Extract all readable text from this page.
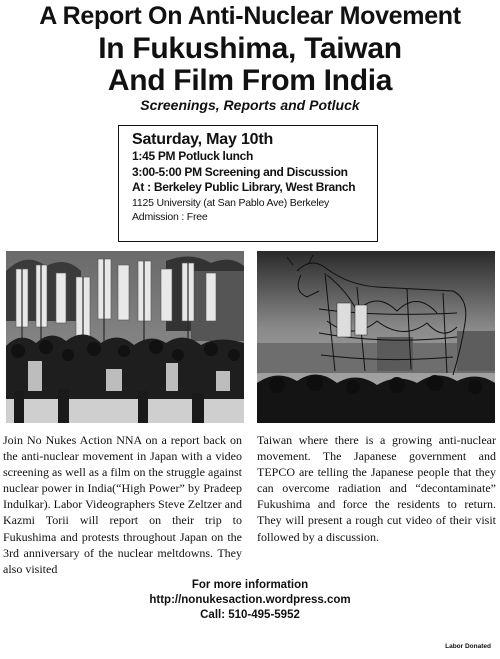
A Report On Anti-Nuclear Movement
In Fukushima, Taiwan
And Film From India
Screenings, Reports and Potluck
Saturday, May 10th
1:45 PM Potluck lunch
3:00-5:00 PM Screening and Discussion
At : Berkeley Public Library, West Branch
1125 University (at San Pablo Ave) Berkeley
Admission : Free
Join No Nukes Action NNA on a report back on the anti-nuclear movement in Japan with a video screening as well as a film on the struggle against nuclear power in India(“High Power” by Pradeep Indulkar). Labor Videographers Steve Zeltzer and Kazmi Torii will report on their trip to Fukushima and protests throughout Japan on the 3rd anniversary of the nuclear meltdowns. They also visited
Taiwan where there is a growing anti-nuclear movement. The Japanese government and TEPCO are telling the Japanese people that they can overcome radiation and “decontaminate” Fukushima and force the residents to return. They will present a rough cut video of their visit followed by a discussion.
For more information
http://nonukesaction.wordpress.com
Call: 510-495-5952
Labor Donated
